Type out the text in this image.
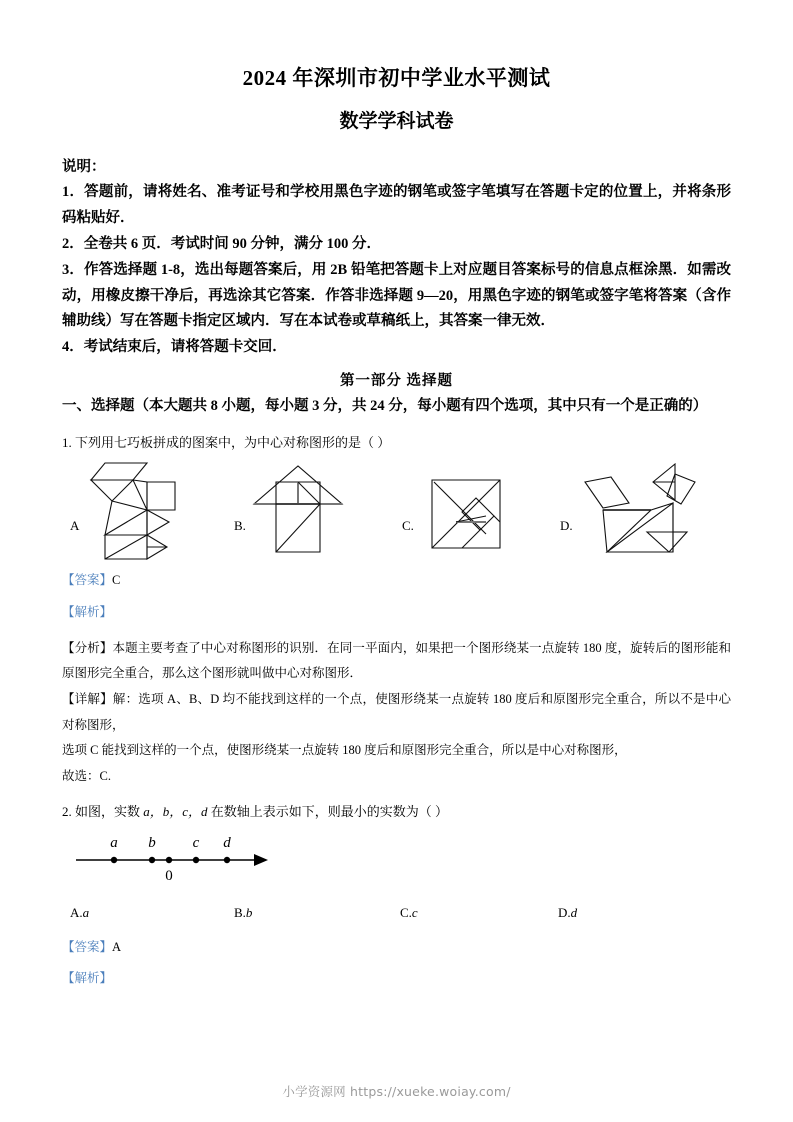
2024 年深圳市初中学业水平测试
数学学科试卷

说明：

1．答题前，请将姓名、准考证号和学校用黑色字迹的钢笔或签字笔填写在答题卡定的位置上，并将条形码粘贴好．

2．全卷共 6 页．考试时间 90 分钟，满分 100 分．

3．作答选择题 1-8，选出每题答案后，用 2B 铅笔把答题卡上对应题目答案标号的信息点框涂黑．如需改动，用橡皮擦干净后，再选涂其它答案．作答非选择题 9—20，用黑色字迹的钢笔或签字笔将答案（含作辅助线）写在答题卡指定区域内．写在本试卷或草稿纸上，其答案一律无效．

4．考试结束后，请将答题卡交回．

第一部分 选择题

一、选择题（本大题共 8 小题，每小题 3 分，共 24 分，每小题有四个选项，其中只有一个是正确的）

1. 下列用七巧板拼成的图案中，为中心对称图形的是（ ）

A	B.	C.	D.

【答案】C

【解析】

【分析】本题主要考查了中心对称图形的识别．在同一平面内，如果把一个图形绕某一点旋转 180 度，旋转后的图形能和原图形完全重合，那么这个图形就叫做中心对称图形．

【详解】解：选项 A、B、D 均不能找到这样的一个点，使图形绕某一点旋转 180 度后和原图形完全重合，所以不是中心对称图形，

选项 C 能找到这样的一个点，使图形绕某一点旋转 180 度后和原图形完全重合，所以是中心对称图形，

故选：C.

2. 如图，实数 a，b，c，d 在数轴上表示如下，则最小的实数为（ ）

a b c d
0
A.a	B.b	C.c	D.d

【答案】A

【解析】

小学资源网 https://xueke.woiay.com/
